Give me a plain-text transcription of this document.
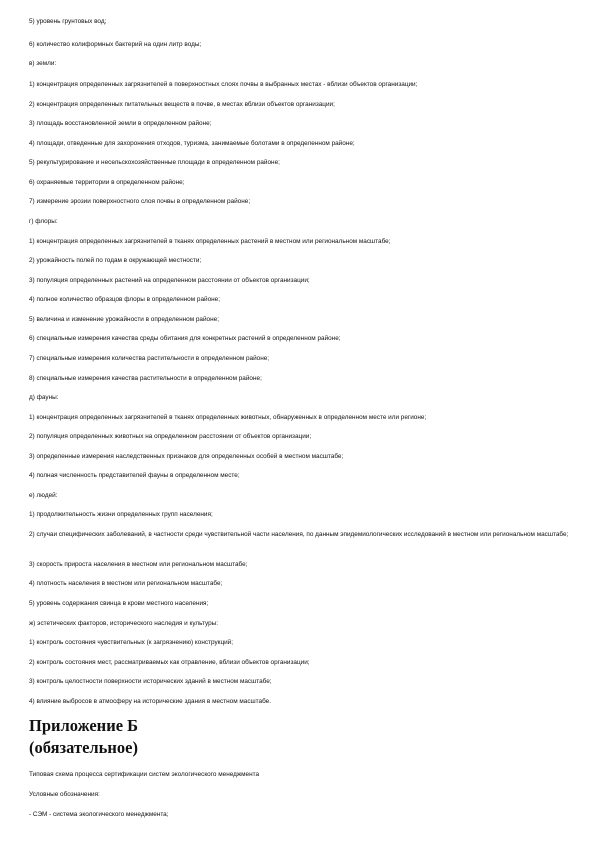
5) уровень грунтовых вод;
6) количество колиформных бактерий на один литр воды;
в) земли:
1) концентрация определенных загрязнителей в поверхностных слоях почвы в выбранных местах - вблизи объектов организации;
2) концентрация определенных питательных веществ в почве, в местах вблизи объектов организации;
3) площадь восстановленной земли в определенном районе;
4) площади, отведенные для захоронения отходов, туризма, занимаемые болотами в определенном районе;
5) рекультурирование и несельскохозяйственные площади в определенном районе;
6) охраняемые территории в определенном районе;
7) измерение эрозии поверхностного слоя почвы в определенном районе;
г) флоры:
1) концентрация определенных загрязнителей в тканях определенных растений в местном или региональном масштабе;
2) урожайность полей по годам в окружающей местности;
3) популяция определенных растений на определенном расстоянии от объектов организации;
4) полное количество образцов флоры в определенном районе;
5) величина и изменение урожайности в определенном районе;
6) специальные измерения качества среды обитания для конкретных растений в определенном районе;
7) специальные измерения количества растительности в определенном районе;
8) специальные измерения качества растительности в определенном районе;
д) фауны:
1) концентрация определенных загрязнителей в тканях определенных животных, обнаруженных в определенном месте или регионе;
2) популяция определенных животных на определенном расстоянии от объектов организации;
3) определенные измерения наследственных признаков для определенных особей в местном масштабе;
4) полная численность представителей фауны в определенном месте;
е) людей:
1) продолжительность жизни определенных групп населения;
2) случаи специфических заболеваний, в частности среди чувствительной части населения, по данным эпидемиологических исследований в местном или региональном масштабе;
3) скорость прироста населения в местном или региональном масштабе;
4) плотность населения в местном или региональном масштабе;
5) уровень содержания свинца в крови местного населения;
ж) эстетических факторов, исторического наследия и культуры:
1) контроль состояния чувствительных (к загрязнению) конструкций;
2) контроль состояния мест, рассматриваемых как отравление, вблизи объектов организации;
3) контроль целостности поверхности исторических зданий в местном масштабе;
4) влияние выбросов в атмосферу на исторические здания в местном масштабе.
Приложение Б
(обязательное)
Типовая схема процесса сертификации систем экологического менеджмента
Условные обозначения:
- СЭМ - система экологического менеджмента;
